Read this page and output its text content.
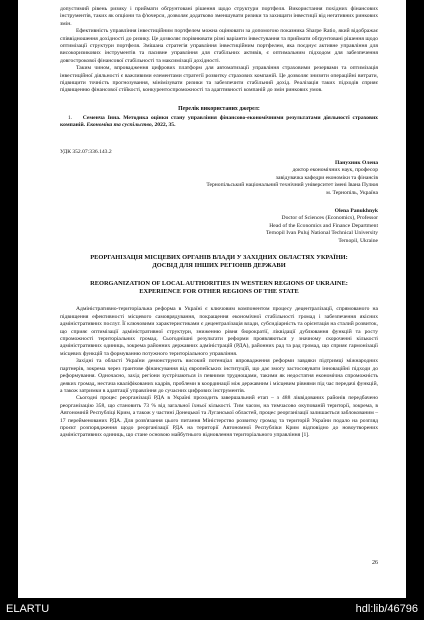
допустимий рівень ризику і приймати обґрунтовані рішення щодо структури портфеля. Використання похідних фінансових інструментів, таких як опціони та ф'ючерси, дозволяє додатково зменшувати ризики та захищати інвестиції від негативних ринкових змін.

Ефективність управління інвестиційним портфелем можна оцінювати за допомогою показника Sharpe Ratio, який відображає співвідношення дохідності до ризику. Це дозволяє порівнювати різні варіанти інвестування та приймати обґрунтовані рішення щодо оптимізації структури портфеля. Змішана стратегія управління інвестиційним портфелем, яка поєднує активне управління для високоризикових інструментів та пасивне управління для стабільних активів, є оптимальним підходом для забезпечення довгострокової фінансової стабільності та максимізації дохідності.

Таким чином, впровадження цифрових платформ для автоматизації управління страховими резервами та оптимізація інвестиційної діяльності є важливими елементами стратегії розвитку страхових компаній. Це дозволяє знизити операційні витрати, підвищити точність прогнозування, мінімізувати ризики та забезпечити стабільний дохід. Реалізація таких підходів сприяє підвищенню фінансової стійкості, конкурентоспроможності та адаптивності компаній до змін ринкових умов.

Перелік використаних джерел:

1. Семенча Інна. Методика оцінки стану управління фінансово-економічними результатами діяльності страхових компаній. Економіка та суспільство, 2022, 35.

УДК 352.07:336.143.2

Панухник Олена

доктор економічних наук, професор

завідувачка кафедри економіки та фінансів

Тернопільський національний технічний університет імені Івана Пулюя

м. Тернопіль, Україна

Olena Panukhnyk

Doctor of Sciences (Economics), Professor

Head of the Economics and Finance Department

Ternopil Ivan Puluj National Technical University

Ternopil, Ukraine

РЕОРГАНІЗАЦІЯ МІСЦЕВИХ ОРГАНІВ ВЛАДИ У ЗАХІДНИХ ОБЛАСТЯХ УКРАЇНИ:

ДОСВІД ДЛЯ ІНШИХ РЕГІОНІВ ДЕРЖАВИ

REORGANIZATION OF LOCAL AUTHORITIES IN WESTERN REGIONS OF UKRAINE:

EXPERIENCE FOR OTHER REGIONS OF THE STATE

Адміністративно-територіальна реформа в Україні є ключовим компонентом процесу децентралізації, спрямованого на підвищення ефективності місцевого самоврядування, покращення економічної стабільності громад і забезпечення якісних адміністративних послуг. Її ключовими характеристиками є децентралізація влади, субсидіарність та орієнтація на сталий розвиток, що сприяє оптимізації адміністративної структури, зниженню рівня бюрократії, ліквідації дублювання функцій та росту спроможності територіальних громад. Сьогоднішні результати реформи проявляються у значному скороченні кількості адміністративних одиниць, зокрема районних державних адміністрацій (РДА), районних рад та рад громад, що сприяє гармонізації місцевих функцій та формуванню потужного територіального управління.

Західні та області України демонструють високий потенціал впровадження реформи завдяки підтримці міжнародних партнерів, зокрема через грантове фінансування від європейських інституцій, що дає змогу застосовувати інноваційні підходи до реформування. Одночасно, захід регіони зустрічаються із певними труднощами, такими як недостатня економічна спроможність деяких громад, нестача кваліфікованих кадрів, проблеми в координації між державним і місцевим рівнями під час передачі функцій, а також затримки в адаптації управління до сучасних цифрових інструментів.

Сьогодні процес реорганізації РДА в Україні проходить завершальний етап – з 488 ліквідованих районів передбачено реорганізацію 358, що становить 73 % від загальної їхньої кількості. Тим часом, на тимчасово окупованій території, зокрема, в Автономній Республіці Крим, а також у частині Донецької та Луганської областей, процес реорганізації залишається заблокованим – 17 перейменованих РДА. Для розв'язання цього питання Міністерство розвитку громад та територій України подало на розгляд проєкт розпорядження щодо реорганізації РДА на території Автономної Республіки Крим відповідно до новоутворених адміністративних одиниць, що стане основою майбутнього відновлення територіального управління [1].

26
ELARTU	hdl:lib/46796
